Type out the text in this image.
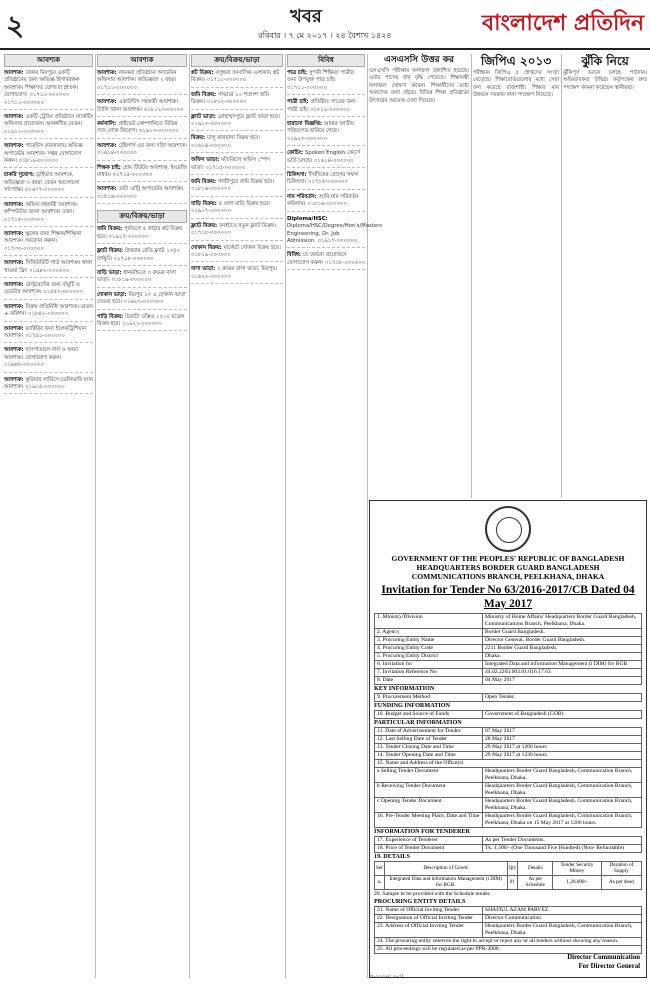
২	খবর
রবিবার । ৭ মে ২০১৭ । ২৪ বৈশাখ ১৪২৪	বাংলাদেশ প্রতিদিন
আবশ্যক
আবশ্যক: ঢাকার মিরপুরে একটি প্রতিষ্ঠানের জন্য অভিজ্ঞ হিসাবরক্ষক আবশ্যক। শিক্ষাগত যোগ্যতা স্নাতক। যোগাযোগ: ০১৭১১-০০০০০০ ০১৭১১-০০০০০০
আবশ্যক: একটি ট্রেডিং প্রতিষ্ঠানে মার্কেটিং অফিসার প্রয়োজন। আকর্ষণীয় বেতন। ০১৯১২-০০০০০০
আবশ্যক: গার্মেন্টস কারখানায় অভিজ্ঞ অপারেটর আবশ্যক। সত্বর যোগাযোগ করুন। ০১৮১৯-০০০০০০
চাকরি সুযোগ: ড্রাইভার আবশ্যক, অভিজ্ঞতা ৩ বছর। বেতন আলোচনা সাপেক্ষে। ০১৬৭৭-০০০০০০
আবশ্যক: অফিস সহকারী আবশ্যক। কম্পিউটার জানা আবশ্যক। ঢাকা। ০১৭১৫-০০০০০০
আবশ্যক: স্কুলের জন্য শিক্ষক/শিক্ষিকা আবশ্যক। আবেদন করুন। ০১৭৩০-০০০০০০
আবশ্যক: সিকিউরিটি গার্ড আবশ্যক। থাকা খাওয়া ফ্রি। ০১৯৮০-০০০০০০
আবশ্যক: রেস্টুরেন্টের জন্য বাবুর্চি ও ওয়েটার আবশ্যক। ০১৫৫২-০০০০০০
আবশ্যক: বিক্রয় প্রতিনিধি আবশ্যক। বেতন + কমিশন। ০১৮৪১-০০০০০০
আবশ্যক: ফ্যাক্টরির জন্য ইলেকট্রিশিয়ান আবশ্যক। ০১৭৯১-০০০০০০
আবশ্যক: হাসপাতালে নার্স ও আয়া আবশ্যক। যোগাযোগ করুন। ০১৬৮৮-০০০০০০
আবশ্যক: কুরিয়ার সার্ভিসে ডেলিভারি ম্যান আবশ্যক। ০১৯১৫-০০০০০০
আবশ্যক
আবশ্যক: নামকরা প্রতিষ্ঠানে অ্যাডমিন অফিসার আবশ্যক। অভিজ্ঞতা ২ বছর। ০১৭১১-০০০০০০
আবশ্যক: একাউন্টস সহকারী আবশ্যক। ট্যালি জানা আবশ্যক। ০১৮১২-০০০০০০
কর্মখালি: প্রাইভেট কোম্পানিতে বিভিন্ন পদে লোক নিয়োগ। ০১৯১৩-০০০০০০
আবশ্যক: টেইলার্স এর জন্য দর্জি আবশ্যক। ০১৬১৪-০০০০০০
শিক্ষক চাই: হোম টিউটর আবশ্যক, ইংরেজি মাধ্যম। ০১৭১৫-০০০০০০
আবশ্যক: ডাটা এন্ট্রি অপারেটর আবশ্যক। ০১৮১৬-০০০০০০
ক্রয়/বিক্রয়/ভাড়া
জমি বিক্রয়: পূর্বাচলে ৫ কাঠার প্লট বিক্রয় হবে। ০১৯১৭-০০০০০০
ফ্ল্যাট বিক্রয়: উত্তরায় রেডি ফ্ল্যাট ১৩৫০ বর্গফুট। ০১৭১৮-০০০০০০
বাড়ি ভাড়া: ধানমন্ডিতে ৩ রুমের বাসা ভাড়া। ০১৮১৯-০০০০০০
দোকান ভাড়া: মিরপুর ১০ এ দোকান ভাড়া দেওয়া হবে। ০১৬২০-০০০০০০
গাড়ি বিক্রয়: টয়োটা এক্সিও ২০১২ মডেল বিক্রয় হবে। ০১৯২১-০০০০০০
ক্রয়/বিক্রয়/ভাড়া
প্লট বিক্রয়: বসুন্ধরা আবাসিক এলাকায় প্লট বিক্রয়। ০১৭১১-০০০০০০
জমি বিক্রয়: সাভারে ১০ শতাংশ জমি বিক্রয়। ০১৮১২-০০০০০০
ফ্ল্যাট ভাড়া: মোহাম্মদপুরে ফ্ল্যাট ভাড়া হবে। ০১৯১৩-০০০০০০
বিক্রয়: চালু কারখানা বিক্রয় হবে। ০১৬১৪-০০০০০০
অফিস ভাড়া: মতিঝিলে অফিস স্পেস ভাড়া। ০১৭১৫-০০০০০০
জমি বিক্রয়: গাজীপুরে জমি বিক্রয় হবে। ০১৮১৬-০০০০০০
বাড়ি বিক্রয়: ৫ তলা বাড়ি বিক্রয় হবে। ০১৯১৭-০০০০০০
ফ্ল্যাট বিক্রয়: বনশ্রীতে নতুন ফ্ল্যাট বিক্রয়। ০১৭১৮-০০০০০০
দোকান বিক্রয়: মার্কেটে দোকান বিক্রয় হবে। ০১৮১৯-০০০০০০
বাসা ভাড়া: ২ রুমের বাসা ভাড়া, মিরপুর। ০১৬২০-০০০০০০
বিবিধ
পাত্র চাই: সুন্দরী শিক্ষিতা পাত্রীর জন্য উপযুক্ত পাত্র চাই। ০১৭১১-০০০০০০
পাত্রী চাই: প্রতিষ্ঠিত পাত্রের জন্য পাত্রী চাই। ০১৮১২-০০০০০০
হারানো বিজ্ঞপ্তি: আমার জাতীয় পরিচয়পত্র হারিয়ে গেছে। ০১৯১৩-০০০০০০
কোচিং: Spoken English কোর্সে ভর্তি চলছে। ০১৬১৪-০০০০০০
চিকিৎসা: দীর্ঘদিনের রোগের সফল চিকিৎসা। ০১৭১৫-০০০০০০
নাম পরিবর্তন: আমি নাম পরিবর্তন করিলাম। ০১৮১৬-০০০০০০
Diploma/HSC: Diploma/HSC/Degree/Hon's/Masters Engineering, Dr. Job Admission. ০১৯১৭-০০০০০০
বিবিধ: যে কোনো প্রয়োজনে যোগাযোগ করুন। ০১৭১৮-০০০০০০
এসএসসি উত্তর কর
এসএসসি পরীক্ষার ফলাফল প্রকাশিত হয়েছে। এবার পাসের হার বৃদ্ধি পেয়েছে। শিক্ষামন্ত্রী ফলাফল ঘোষণা করেন। শিক্ষার্থীদের মধ্যে আনন্দের বন্যা বইছে। বিভিন্ন শিক্ষা প্রতিষ্ঠানে উৎসবের আমেজ দেখা দিয়েছে।
জিপিএ ২০১৩
পরীক্ষায় জিপিএ ৫ প্রাপ্তদের সংখ্যা বেড়েছে। শিক্ষাবোর্ডগুলোর মধ্যে সেরা ফল করেছে রাজশাহী। শিক্ষার মান উন্নয়নে সরকার নানা পদক্ষেপ নিয়েছে।
ঝুঁকি নিয়ে
ঝুঁকিপূর্ণ ভবনে চলছে পাঠদান। অভিভাবকরা উদ্বিগ্ন। কর্তৃপক্ষের দ্রুত পদক্ষেপ কামনা করেছেন স্থানীয়রা।
GOVERNMENT OF THE PEOPLES' REPUBLIC OF BANGLADESH
HEADQUARTERS BORDER GUARD BANGLADESH
COMMUNICATIONS BRANCH, PEELKHANA, DHAKA
Invitation for Tender No 63/2016-2017/CB Dated 04 May 2017
1. Ministry/Division	Ministry of Home Affairs/ Headquarters Border Guard Bangladesh, Communications Branch, Peelkhana, Dhaka.
2. Agency	Border Guard Bangladesh.
3. Procuring Entity Name	Director General, Border Guard Bangladesh.
4. Procuring Entity Code	2211 Border Guard Bangladesh.
5. Procuring Entity District	Dhaka.
6. Invitation for	Integrated Data and information Management (i DIM) for BGB.
7. Invitation Reference No	44.02.2203.003.01.016.17.63
8. Date	04 May 2017
KEY INFORMATION
9. Procurement Method	Open Tender.
FUNDING INFORMATION
10. Budget and Source of Funds	Government of Bangladesh (GOB).
PARTICULAR INFORMATION
11. Date of Advertisement for Tender	07 May 2017
12. Last Selling Date of Tender	28 May 2017
13. Tender Closing Date and Time	29 May 2017 at 1200 hours
14. Tender Opening Date and Time	29 May 2017 at 1230 hours.
15. Name and Address of the Office(s)	
a Selling Tender Document	Headquarters Border Guard Bangladesh, Communication Branch, Peelkhana, Dhaka.
b Receiving Tender Document	Headquarters Border Guard Bangladesh, Communication Branch, Peelkhana, Dhaka.
c Opening Tender Document	Headquarters Border Guard Bangladesh, Communication Branch, Peelkhana, Dhaka.
16. Pre-Tender Meeting Place, Date and Time	Headquarters Border Guard Bangladesh, Communication Branch, Peelkhana, Dhaka on 15 May 2017 at 1200 hours.
INFORMATION FOR TENDERER
17. Experience of Tenderer	As per Tender Documents.
18. Price of Tender Document	Tk. 1,500/- (One Thousand Five Hundred) (Non- Refundable)
19. DETAILS
Ser	Description of Goods	Qty	Details	Tender Security Money	Duration of Supply
a.	Integrated Data and information Management (i DIM) for BGB.	01	As per Schedule	1,20,000/-	As per dead
20. Sample to be provided with the Schedule tender.
PROCURING ENTITY DETAILS
21. Name of Official Inviting Tender	SHAFIUL AZAM PARVEZ
22. Designation of Official Inviting Tender	Director Communication
23. Address of Official Inviting Tender	Headquarters Border Guard Bangladesh, Communication Branch, Peelkhana, Dhaka.
24. The procuring entity reserves the right to accept or reject any or all tenders without showing any reason.	
25. All proceedings will be regulated as per PPR-2008.	
Director Communication
For Director General
বি-৩৩৩৯(১৭-৫)
